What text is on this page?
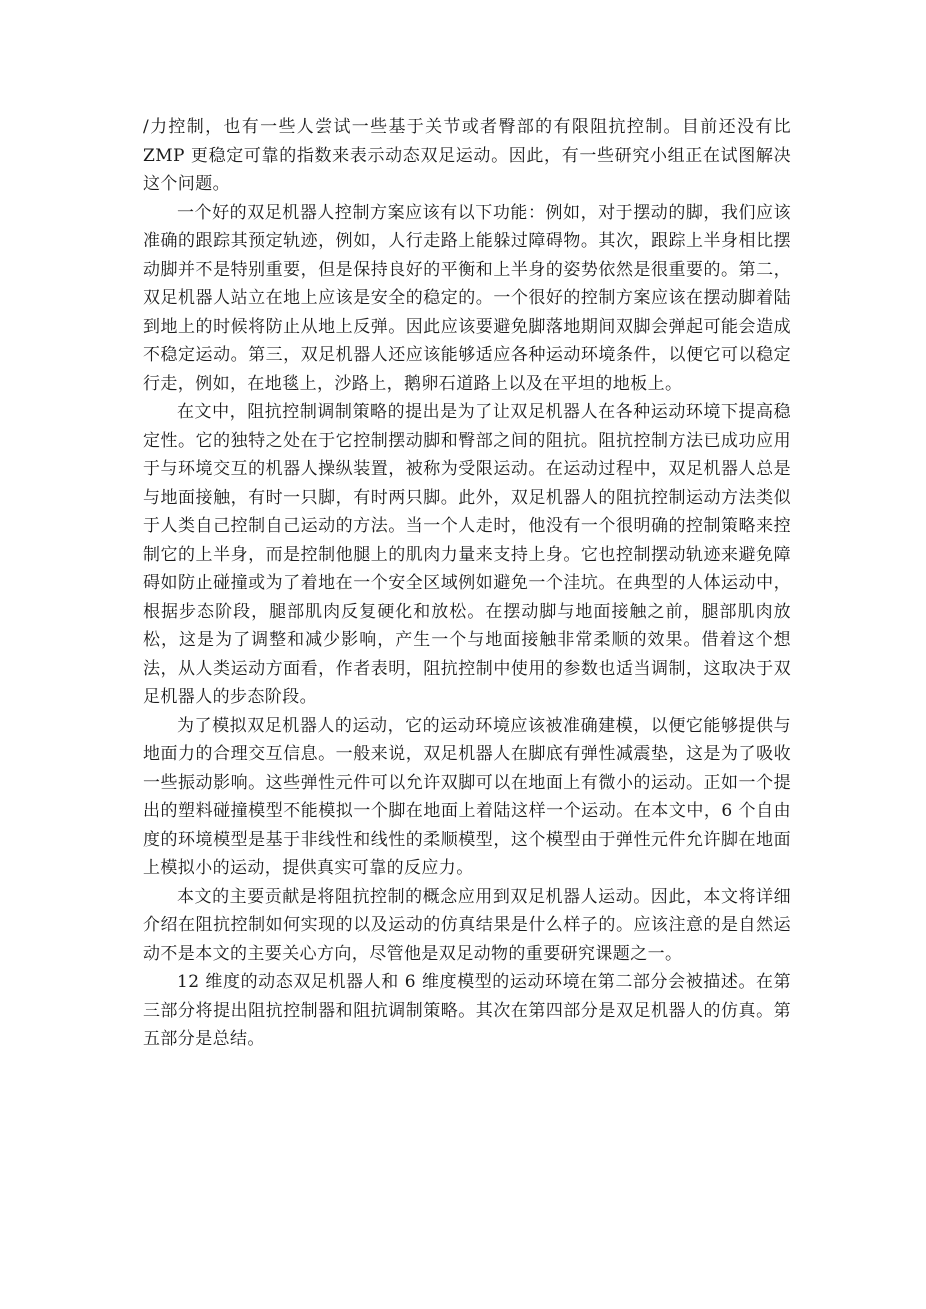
/力控制，也有一些人尝试一些基于关节或者臀部的有限阻抗控制。目前还没有比 ZMP 更稳定可靠的指数来表示动态双足运动。因此，有一些研究小组正在试图解决这个问题。

一个好的双足机器人控制方案应该有以下功能：例如，对于摆动的脚，我们应该准确的跟踪其预定轨迹，例如，人行走路上能躲过障碍物。其次，跟踪上半身相比摆动脚并不是特别重要，但是保持良好的平衡和上半身的姿势依然是很重要的。第二，双足机器人站立在地上应该是安全的稳定的。一个很好的控制方案应该在摆动脚着陆到地上的时候将防止从地上反弹。因此应该要避免脚落地期间双脚会弹起可能会造成不稳定运动。第三，双足机器人还应该能够适应各种运动环境条件，以便它可以稳定行走，例如，在地毯上，沙路上，鹅卵石道路上以及在平坦的地板上。

在文中，阻抗控制调制策略的提出是为了让双足机器人在各种运动环境下提高稳定性。它的独特之处在于它控制摆动脚和臀部之间的阻抗。阻抗控制方法已成功应用于与环境交互的机器人操纵装置，被称为受限运动。在运动过程中，双足机器人总是与地面接触，有时一只脚，有时两只脚。此外，双足机器人的阻抗控制运动方法类似于人类自己控制自己运动的方法。当一个人走时，他没有一个很明确的控制策略来控制它的上半身，而是控制他腿上的肌肉力量来支持上身。它也控制摆动轨迹来避免障碍如防止碰撞或为了着地在一个安全区域例如避免一个洼坑。在典型的人体运动中，根据步态阶段，腿部肌肉反复硬化和放松。在摆动脚与地面接触之前，腿部肌肉放松，这是为了调整和减少影响，产生一个与地面接触非常柔顺的效果。借着这个想法，从人类运动方面看，作者表明，阻抗控制中使用的参数也适当调制，这取决于双足机器人的步态阶段。

为了模拟双足机器人的运动，它的运动环境应该被准确建模，以便它能够提供与地面力的合理交互信息。一般来说，双足机器人在脚底有弹性减震垫，这是为了吸收一些振动影响。这些弹性元件可以允许双脚可以在地面上有微小的运动。正如一个提出的塑料碰撞模型不能模拟一个脚在地面上着陆这样一个运动。在本文中，6 个自由度的环境模型是基于非线性和线性的柔顺模型，这个模型由于弹性元件允许脚在地面上模拟小的运动，提供真实可靠的反应力。

本文的主要贡献是将阻抗控制的概念应用到双足机器人运动。因此，本文将详细介绍在阻抗控制如何实现的以及运动的仿真结果是什么样子的。应该注意的是自然运动不是本文的主要关心方向，尽管他是双足动物的重要研究课题之一。

12 维度的动态双足机器人和 6 维度模型的运动环境在第二部分会被描述。在第三部分将提出阻抗控制器和阻抗调制策略。其次在第四部分是双足机器人的仿真。第五部分是总结。
